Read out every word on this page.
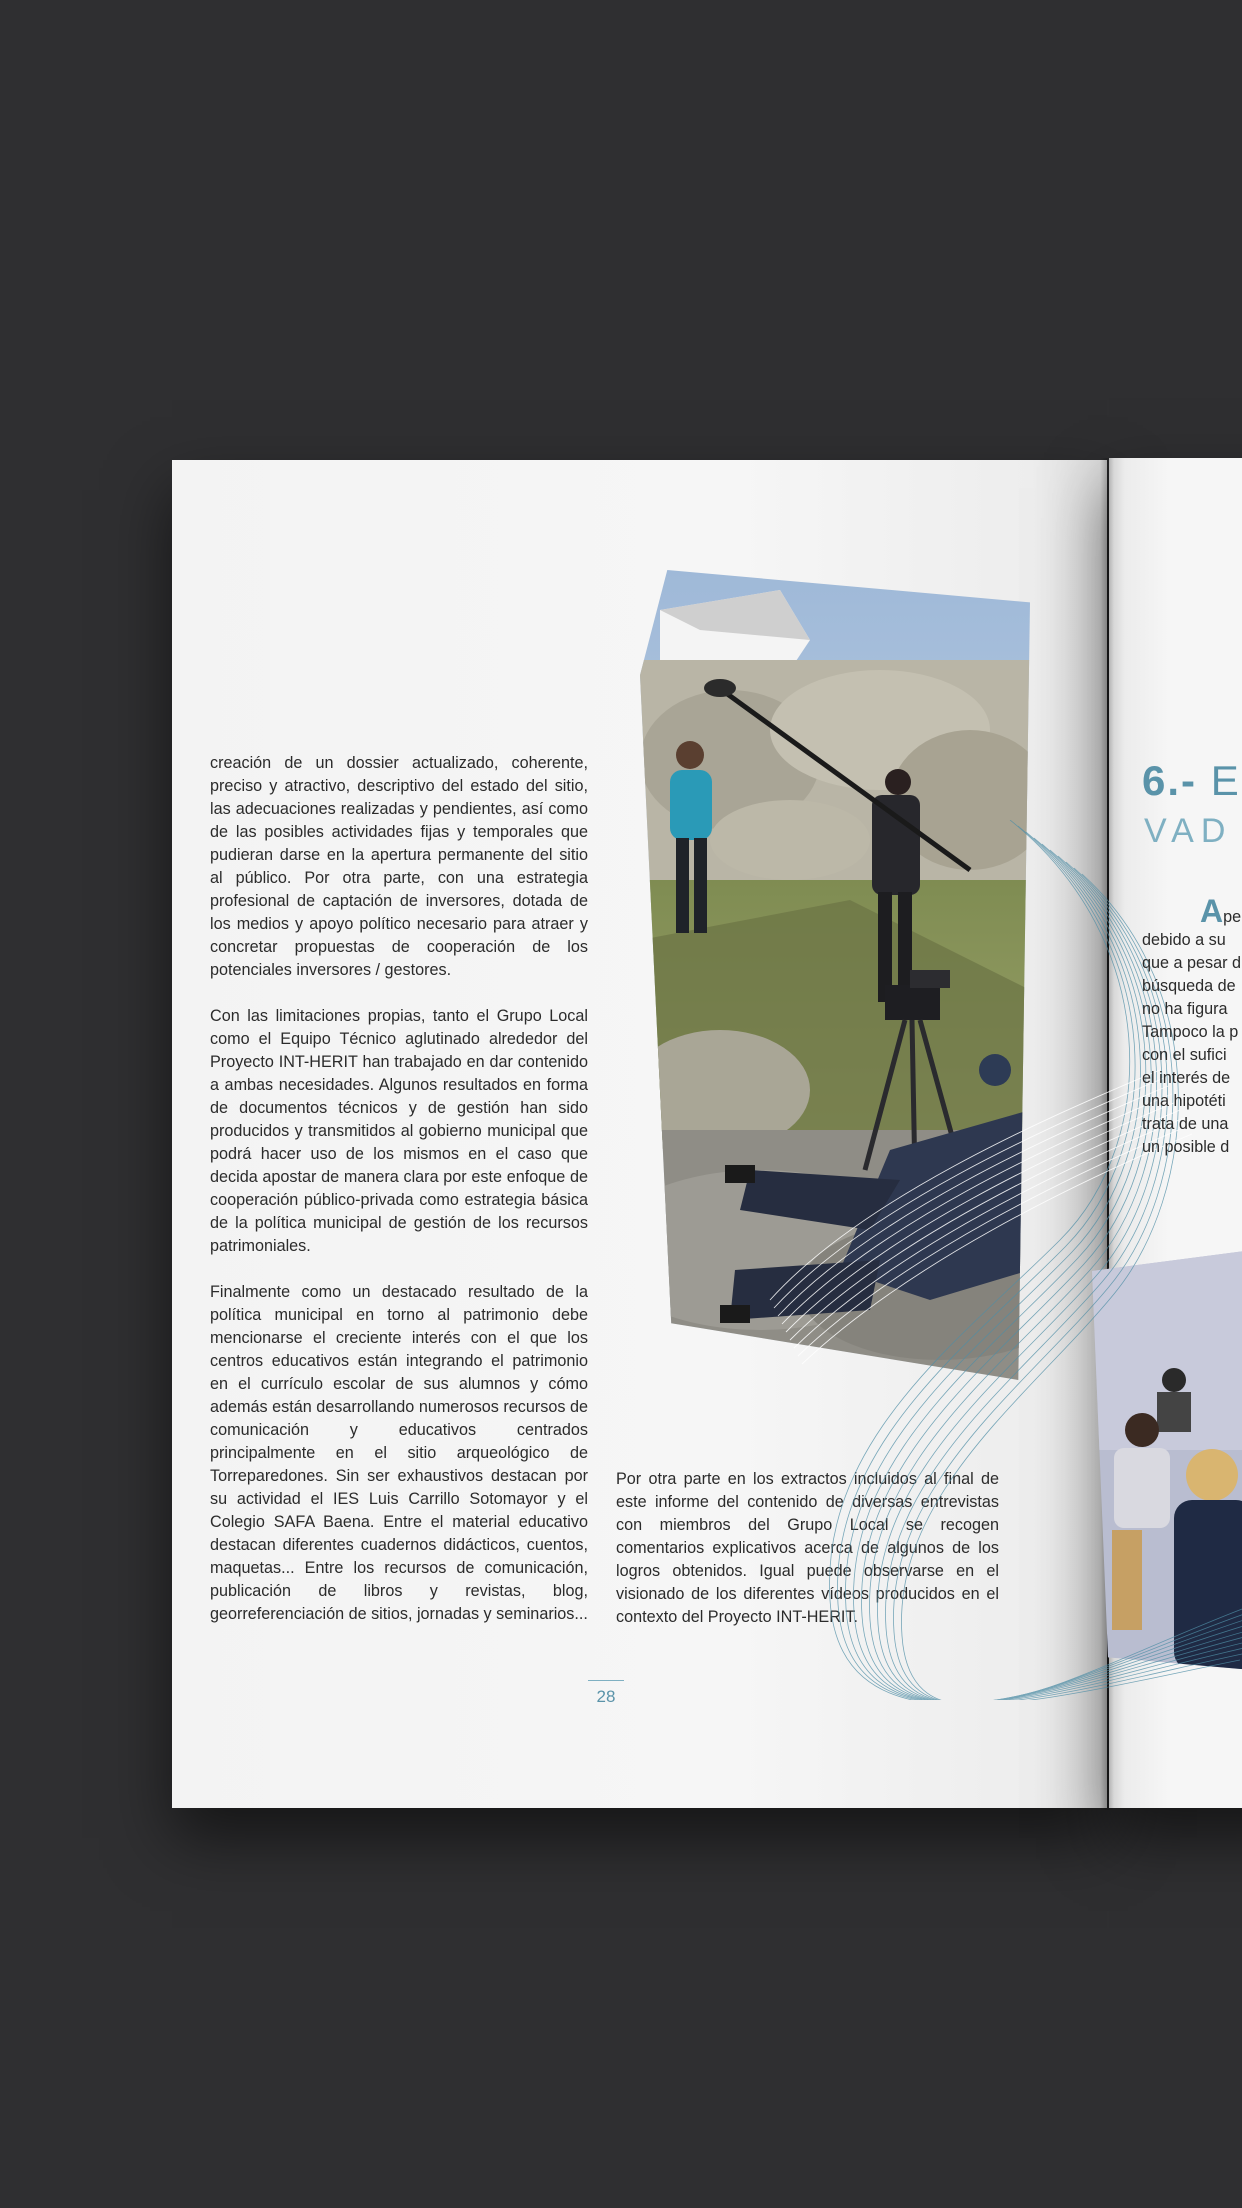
creación de un dossier actualizado, coherente, preciso y atractivo, descriptivo del estado del sitio, las adecuaciones realizadas y pendientes, así como de las posibles actividades fijas y temporales que pudieran darse en la apertura permanente del sitio al público. Por otra parte, con una estrategia profesional de captación de inversores, dotada de los medios y apoyo político necesario para atraer y concretar propuestas de cooperación de los potenciales inversores / gestores.

Con las limitaciones propias, tanto el Grupo Local como el Equipo Técnico aglutinado alrededor del Proyecto INT-HERIT han trabajado en dar contenido a ambas necesidades. Algunos resultados en forma de documentos técnicos y de gestión han sido producidos y transmitidos al gobierno municipal que podrá hacer uso de los mismos en el caso que decida apostar de manera clara por este enfoque de cooperación público-privada como estrategia básica de la política municipal de gestión de los recursos patrimoniales.

Finalmente como un destacado resultado de la política municipal en torno al patrimonio debe mencionarse el creciente interés con el que los centros educativos están integrando el patrimonio en el currículo escolar de sus alumnos y cómo además están desarrollando numerosos recursos de comunicación y educativos centrados principalmente en el sitio arqueológico de Torreparedones. Sin ser exhaustivos destacan por su actividad el IES Luis Carrillo Sotomayor y el Colegio SAFA Baena. Entre el material educativo destacan diferentes cuadernos didácticos, cuentos, maquetas... Entre los recursos de comunicación, publicación de libros y revistas, blog, georreferenciación de sitios, jornadas y seminarios...

Por otra parte en los extractos incluidos al final de este informe del contenido de diversas entrevistas con miembros del Grupo Local se recogen comentarios explicativos acerca de algunos de los logros obtenidos. Igual puede observarse en el visionado de los diferentes vídeos producidos en el contexto del Proyecto INT-HERIT.

28
6.- E
VAD
Ape
debido a su
que a pesar d
búsqueda de
no ha figura
Tampoco la p
con el sufici
el interés de
una hipotéti
trata de una
un posible d
